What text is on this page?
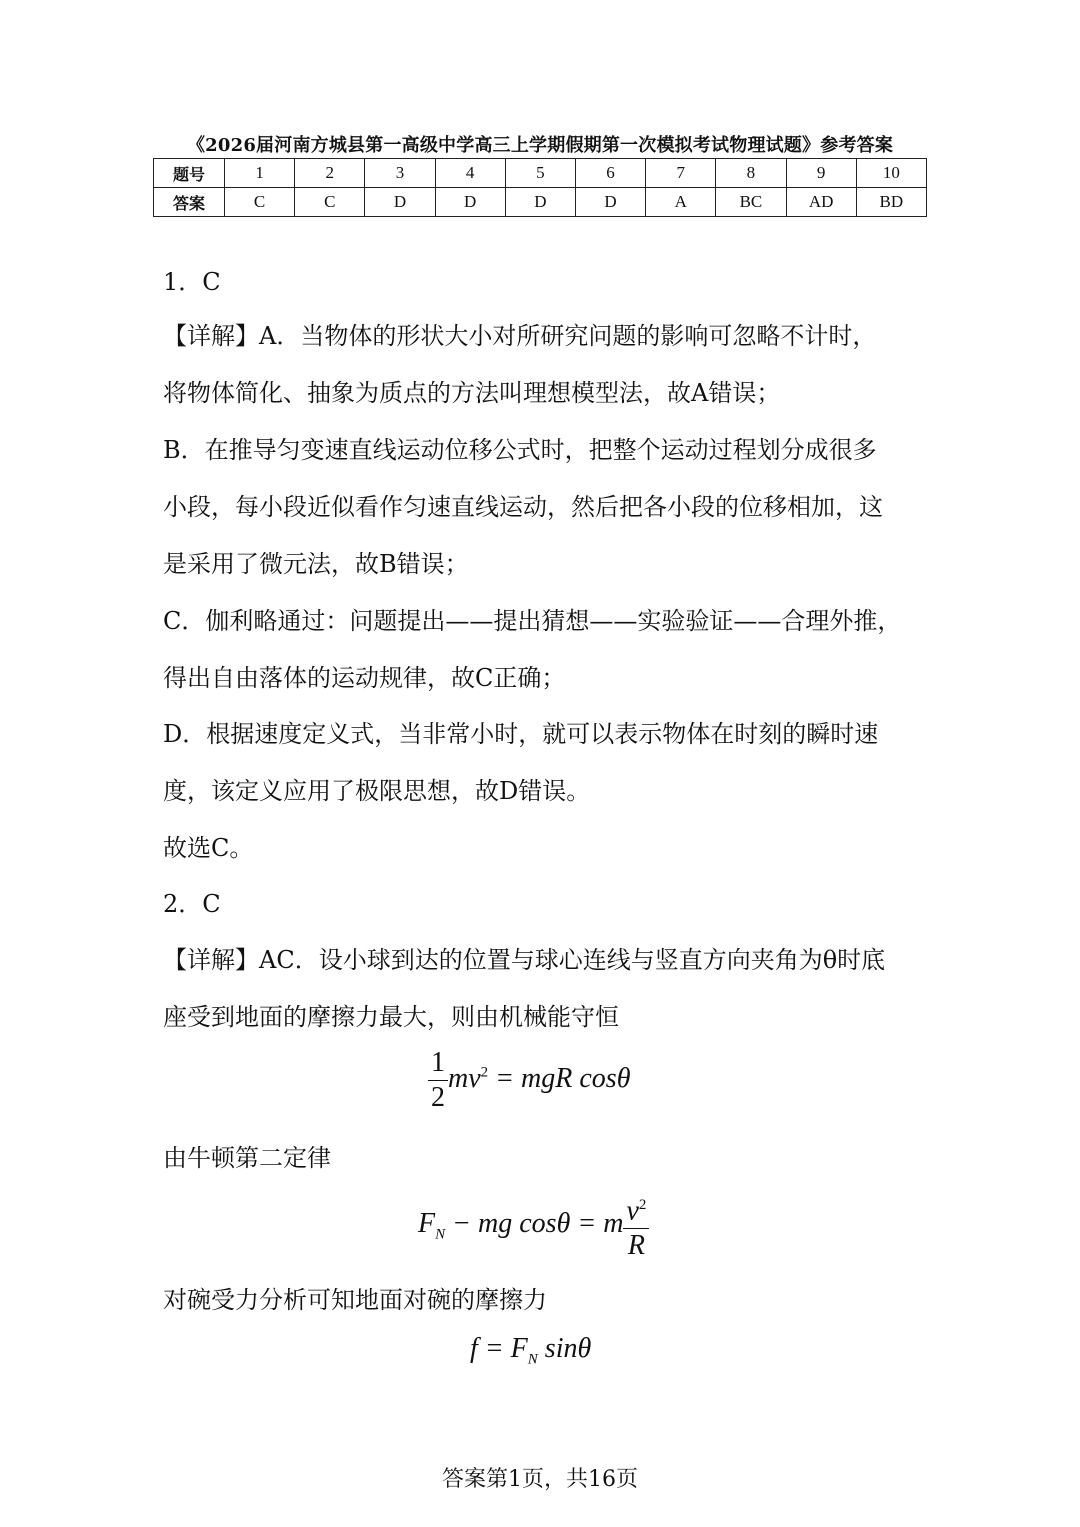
《2026届河南方城县第一高级中学高三上学期假期第一次模拟考试物理试题》参考答案
题号	1	2	3	4	5	6	7	8	9	10
答案	C	C	D	D	D	D	A	BC	AD	BD
1．C
【详解】A．当物体的形状大小对所研究问题的影响可忽略不计时，
将物体简化、抽象为质点的方法叫理想模型法，故A错误；
B．在推导匀变速直线运动位移公式时，把整个运动过程划分成很多
小段，每小段近似看作匀速直线运动，然后把各小段的位移相加，这
是采用了微元法，故B错误；
C．伽利略通过：问题提出——提出猜想——实验验证——合理外推，
得出自由落体的运动规律，故C正确；
D．根据速度定义式，当非常小时，就可以表示物体在时刻的瞬时速
度，该定义应用了极限思想，故D错误。
故选C。
2．C
【详解】AC．设小球到达的位置与球心连线与竖直方向夹角为θ时底
座受到地面的摩擦力最大，则由机械能守恒
$\frac{1}{2} mv^2$ = mgR cosθ
由牛顿第二定律
$F_N$ − mg cosθ = m $\frac{v^2}{R}$
对碗受力分析可知地面对碗的摩擦力
$f = F_N$ sinθ
答案第1页，共16页
